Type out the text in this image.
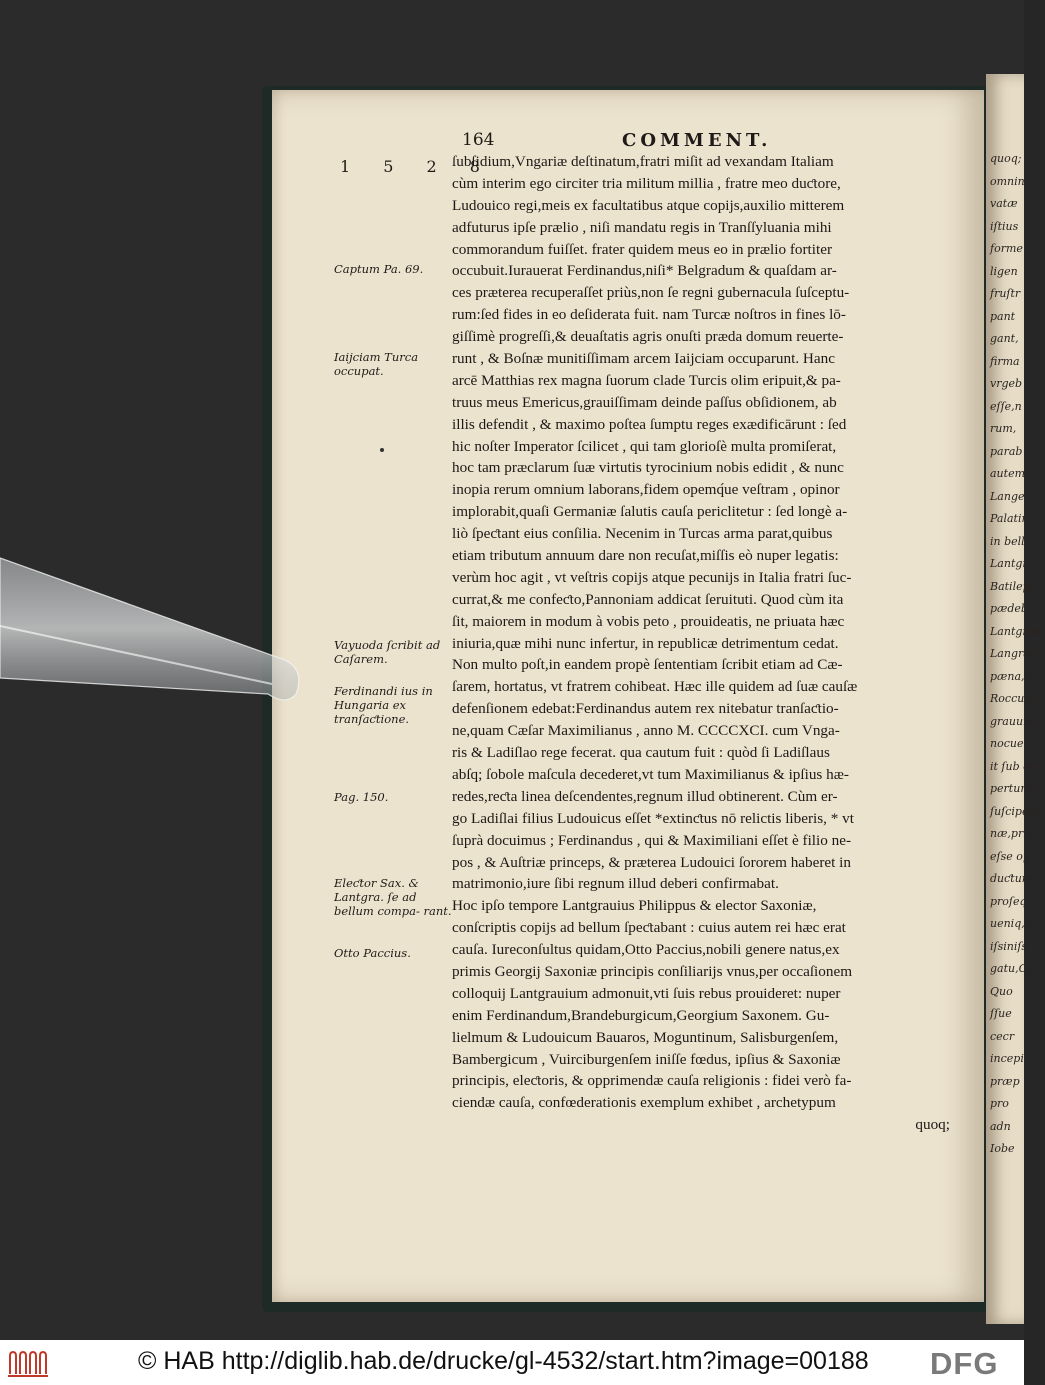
quoq;
omnin
vatæ
iſtius
forme
ligen
fruſtr
pant
gant,
firma
vrgeb
eſſe,n
rum,
parab
autem
Lange
Palatin
in bell
Lantgr
Batilept
pædeb
Lantgraui
Langrau
pæna,u
Rocculo
grauum
nocuer
it ſub ex
perturu
ſuſcipere
næ,pric
eſse op
duƈtum
proſeq
ueniq,a
iſsiniſs
gatu,Ca
Quo
ſſue
cecr
incepi
præp
pro
adn
Iobe
164	COMMENT.
1 5 2 8
ſubſidium,Vngariæ deſtinatum,fratri miſit ad vexandam Italiam
cùm interim ego circiter tria militum millia , fratre meo duƈtore,
Ludouico regi,meis ex facultatibus atque copijs,auxilio mitterem
adfuturus ipſe prælio , niſi mandatu regis in Tranſſyluania mihi
commorandum fuiſſet. frater quidem meus eo in prælio fortiter
occubuit.Iurauerat Ferdinandus,niſi* Belgradum & quaſdam ar-
ces præterea recuperaſſet priùs,non ſe regni gubernacula ſuſceptu-
rum:ſed fides in eo deſiderata fuit. nam Turcæ noſtros in fines lō-
giſſimè progreſſi,& deuaſtatis agris onuſti præda domum reuerte-
runt , & Boſnæ munitiſſimam arcem Iaijciam occuparunt. Hanc
arcē Matthias rex magna ſuorum clade Turcis olim eripuit,& pa-
truus meus Emericus,grauiſſimam deinde paſſus obſidionem, ab
illis defendit , & maximo poſtea ſumptu reges exædificārunt : ſed
hic noſter Imperator ſcilicet , qui tam glorioſè multa promiſerat,
hoc tam præclarum ſuæ virtutis tyrocinium nobis edidit , & nunc
inopia rerum omnium laborans,fidem opemq́ue veſtram , opinor
implorabit,quaſi Germaniæ ſalutis cauſa periclitetur : ſed longè a-
liò ſpeƈtant eius conſilia. Necenim in Turcas arma parat,quibus
etiam tributum annuum dare non recuſat,miſſis eò nuper legatis:
verùm hoc agit , vt veſtris copijs atque pecunijs in Italia fratri ſuc-
currat,& me confeƈto,Pannoniam addicat ſeruituti. Quod cùm ita
ſit, maiorem in modum à vobis peto , prouideatis, ne priuata hæc
iniuria,quæ mihi nunc infertur, in republicæ detrimentum cedat.
Non multo poſt,in eandem propè ſententiam ſcribit etiam ad Cæ-
ſarem, hortatus, vt fratrem cohibeat. Hæc ille quidem ad ſuæ cauſæ
defenſionem edebat:Ferdinandus autem rex nitebatur tranſaƈtio-
ne,quam Cæſar Maximilianus , anno M. CCCCXCI. cum Vnga-
ris & Ladiſlao rege fecerat. qua cautum fuit : quòd ſi Ladiſlaus
abſq; ſobole maſcula decederet,vt tum Maximilianus & ipſius hæ-
redes,reƈta linea deſcendentes,regnum illud obtinerent. Cùm er-
go Ladiſlai filius Ludouicus eſſet *extinƈtus nō relictis liberis, * vt
ſuprà docuimus ; Ferdinandus , qui & Maximiliani eſſet è filio ne-
pos , & Auſtriæ princeps, & præterea Ludouici ſororem haberet in
matrimonio,iure ſibi regnum illud deberi confirmabat.
Hoc ipſo tempore Lantgrauius Philippus & elector Saxoniæ,
conſcriptis copijs ad bellum ſpeƈtabant : cuius autem rei hæc erat
cauſa. Iureconſultus quidam,Otto Paccius,nobili genere natus,ex
primis Georgij Saxoniæ principis conſiliarijs vnus,per occaſionem
colloquij Lantgrauium admonuit,vti ſuis rebus prouideret: nuper
enim Ferdinandum,Brandeburgicum,Georgium Saxonem. Gu-
lielmum & Ludouicum Bauaros, Moguntinum, Salisburgenſem,
Bambergicum , Vuirciburgenſem iniſſe fœdus, ipſius & Saxoniæ
principis, eleƈtoris, & opprimendæ cauſa religionis : fidei verò fa-
ciendæ cauſa, confœderationis exemplum exhibet , archetypum
quoq;
Captum Pa. 69.
Iaijciam Turca occupat.
Vayuoda ſcribit ad Caſarem.
Ferdinandi ius in Hungaria ex tranſaƈtione.
Pag. 150.
Eleƈtor Sax. & Lantgra. ſe ad bellum compa- rant.
Otto Paccius.
© HAB http://diglib.hab.de/drucke/gl-4532/start.htm?image=00188 DFG
